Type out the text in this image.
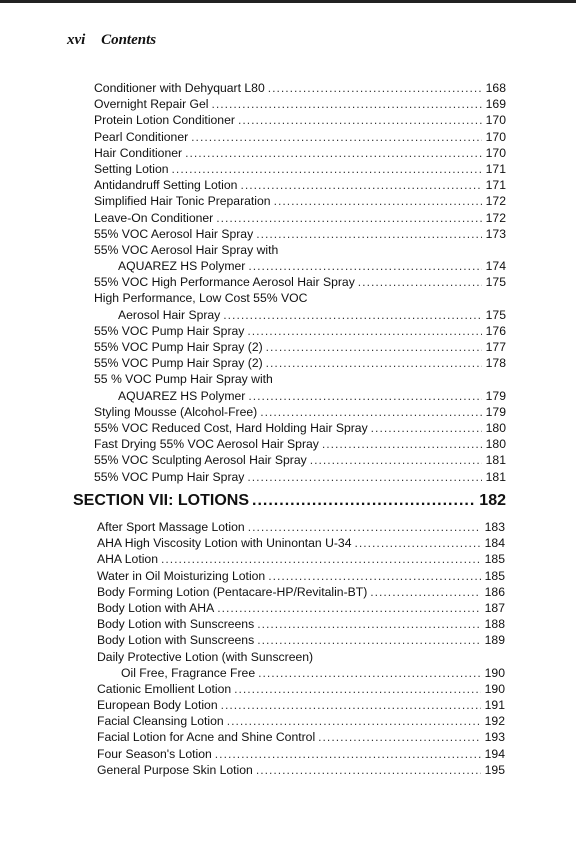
xvi Contents
Conditioner with Dehyquart L80 .....	168
Overnight Repair Gel .....	169
Protein Lotion Conditioner .....	170
Pearl Conditioner .....	170
Hair Conditioner .....	170
Setting Lotion .....	171
Antidandruff Setting Lotion .....	171
Simplified Hair Tonic Preparation .....	172
Leave-On Conditioner .....	172
55% VOC Aerosol Hair Spray .....	173
55% VOC Aerosol Hair Spray with
AQUAREZ HS Polymer .....	174
55% VOC High Performance Aerosol Hair Spray .....	175
High Performance, Low Cost 55% VOC
Aerosol Hair Spray .....	175
55% VOC Pump Hair Spray .....	176
55% VOC Pump Hair Spray (2) .....	177
55% VOC Pump Hair Spray (2) .....	178
55 % VOC Pump Hair Spray with
AQUAREZ HS Polymer .....	179
Styling Mousse (Alcohol-Free) .....	179
55% VOC Reduced Cost, Hard Holding Hair Spray .....	180
Fast Drying 55% VOC Aerosol Hair Spray .....	180
55% VOC Sculpting Aerosol Hair Spray .....	181
55% VOC Pump Hair Spray .....	181
SECTION VII: LOTIONS .....	182
After Sport Massage Lotion .....	183
AHA High Viscosity Lotion with Uninontan U-34 .....	184
AHA Lotion .....	185
Water in Oil Moisturizing Lotion .....	185
Body Forming Lotion (Pentacare-HP/Revitalin-BT) .....	186
Body Lotion with AHA .....	187
Body Lotion with Sunscreens .....	188
Body Lotion with Sunscreens .....	189
Daily Protective Lotion (with Sunscreen)
Oil Free, Fragrance Free .....	190
Cationic Emollient Lotion .....	190
European Body Lotion .....	191
Facial Cleansing Lotion .....	192
Facial Lotion for Acne and Shine Control .....	193
Four Season's Lotion .....	194
General Purpose Skin Lotion .....	195
